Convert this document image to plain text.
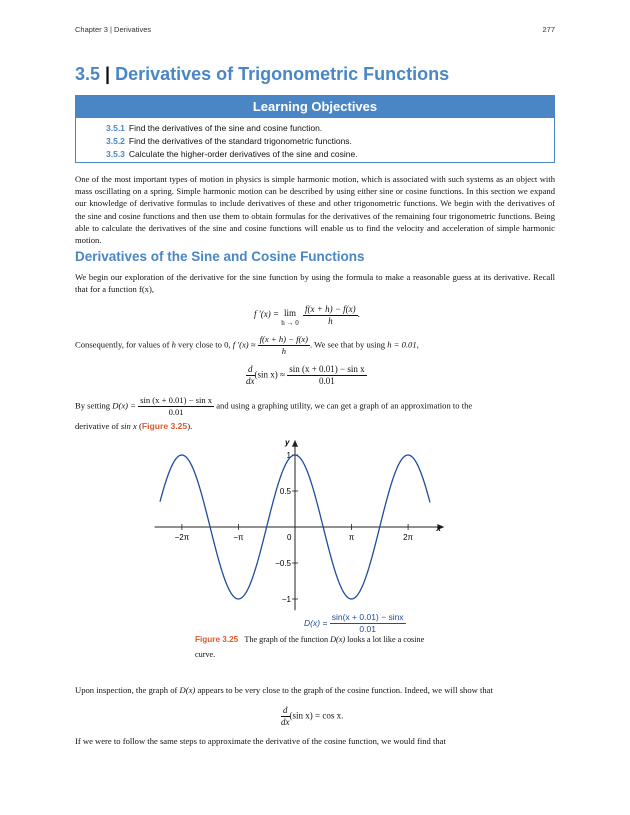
Chapter 3 | Derivatives	277
3.5 | Derivatives of Trigonometric Functions
Learning Objectives
3.5.1 Find the derivatives of the sine and cosine function.
3.5.2 Find the derivatives of the standard trigonometric functions.
3.5.3 Calculate the higher-order derivatives of the sine and cosine.
One of the most important types of motion in physics is simple harmonic motion, which is associated with such systems as an object with mass oscillating on a spring. Simple harmonic motion can be described by using either sine or cosine functions. In this section we expand our knowledge of derivative formulas to include derivatives of these and other trigonometric functions. We begin with the derivatives of the sine and cosine functions and then use them to obtain formulas for the derivatives of the remaining four trigonometric functions. Being able to calculate the derivatives of the sine and cosine functions will enable us to find the velocity and acceleration of simple harmonic motion.
Derivatives of the Sine and Cosine Functions
We begin our exploration of the derivative for the sine function by using the formula to make a reasonable guess at its derivative. Recall that for a function f(x),
f ′(x) = lim
h → 0
$\frac{f(x + h) - f(x)}{h}$ .
Consequently, for values of h very close to 0, f $'(x) \approx \frac{f(x + h) - f(x)}{h}$ . We see that by using h = 0.01,
$\frac{d}{dx} (\sin$ $x) \approx \frac{\text{sin (x + 0.01) − sin x}}{0.01}$
By setting $D(x) = \frac{\text{sin (x + 0.01) − sin x}}{0.01}$ and using a graphing utility, we can get a graph of an approximation to the
derivative of sin x (Figure 3.25).
y
x
−2π	−π	0	π	2π
1
0.5
−0.5
−1
$D(x) = \frac{\sin(x + 0.01) - \sin x}{0.01}$
Figure 3.25 The graph of the function D(x) looks a lot like a cosine curve.
Upon inspection, the graph of D(x) appears to be very close to the graph of the cosine function. Indeed, we will show that
$\frac{d}{dx} (\sin$ x) = cos x.
If we were to follow the same steps to approximate the derivative of the cosine function, we would find that
